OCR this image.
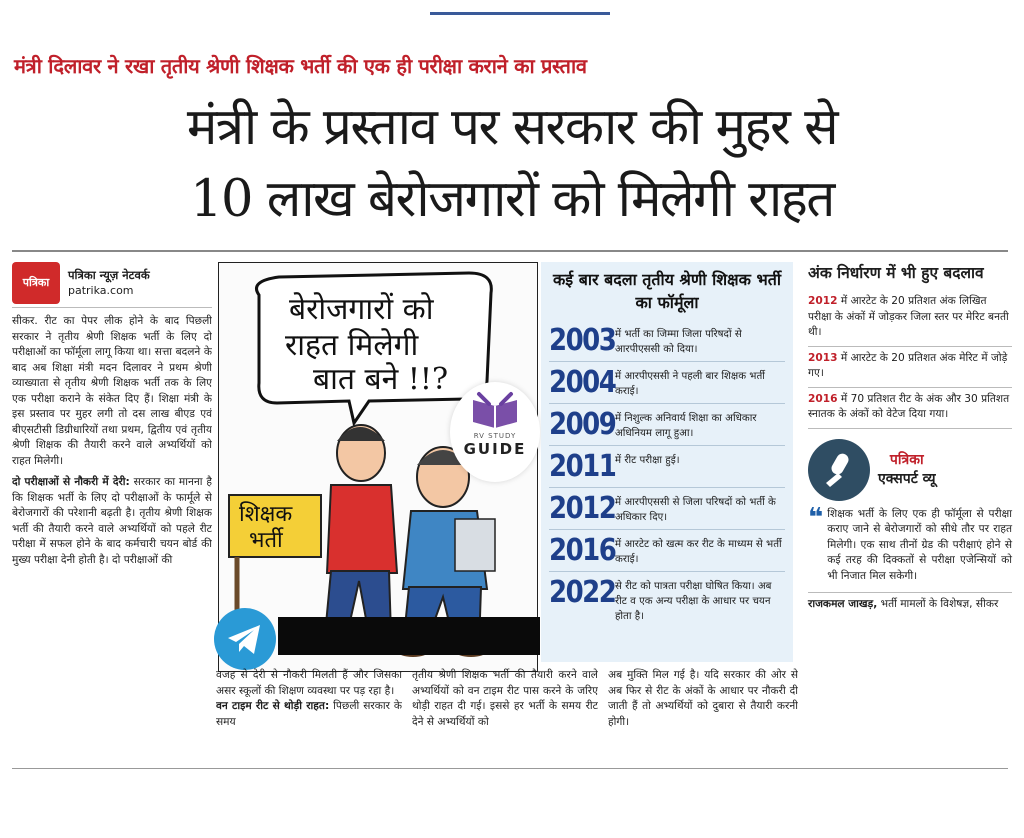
मंत्री दिलावर ने रखा तृतीय श्रेणी शिक्षक भर्ती की एक ही परीक्षा कराने का प्रस्ताव
मंत्री के प्रस्ताव पर सरकार की मुहर से
10 लाख बेरोजगारों को मिलेगी राहत
पत्रिका
पत्रिका न्यूज़ नेटवर्क
patrika.com

सीकर. रीट का पेपर लीक होने के बाद पिछली सरकार ने तृतीय श्रेणी शिक्षक भर्ती के लिए दो परीक्षाओं का फॉर्मूला लागू किया था। सत्ता बदलने के बाद अब शिक्षा मंत्री मदन दिलावर ने प्रथम श्रेणी व्याख्याता से तृतीय श्रेणी शिक्षक भर्ती तक के लिए एक परीक्षा कराने के संकेत दिए हैं। शिक्षा मंत्री के इस प्रस्ताव पर मुहर लगी तो दस लाख बीएड एवं बीएसटीसी डिग्रीधारियों तथा प्रथम, द्वितीय एवं तृतीय श्रेणी शिक्षक की तैयारी करने वाले अभ्यर्थियों को राहत मिलेगी।

दो परीक्षाओं से नौकरी में देरी: सरकार का मानना है कि शिक्षक भर्ती के लिए दो परीक्षाओं के फार्मूले से बेरोजगारों की परेशानी बढ़ती है। तृतीय श्रेणी शिक्षक भर्ती की तैयारी करने वाले अभ्यर्थियों को पहले रीट परीक्षा में सफल होने के बाद कर्मचारी चयन बोर्ड की मुख्य परीक्षा देनी होती है। दो परीक्षाओं की

बेरोजगारों को
राहत मिलेगी
बात बने !!?
शिक्षक
भर्ती
RV STUDY
GUIDE
कई बार बदला तृतीय श्रेणी शिक्षक भर्ती का फॉर्मूला
2003 में भर्ती का जिम्मा जिला परिषदों से आरपीएससी को दिया।
2004 में आरपीएससी ने पहली बार शिक्षक भर्ती कराई।
2009 में निशुल्क अनिवार्य शिक्षा का अधिकार अधिनियम लागू हुआ।
2011 में रीट परीक्षा हुई।
2012 में आरपीएससी से जिला परिषदों को भर्ती के अधिकार दिए।
2016 में आरटेट को खत्म कर रीट के माध्यम से भर्ती कराई।
2022 से रीट को पात्रता परीक्षा घोषित किया। अब रीट व एक अन्य परीक्षा के आधार पर चयन होता है।
वजह से देरी से नौकरी मिलती हैं और जिसका असर स्कूलों की शिक्षण व्यवस्था पर पड़ रहा है।
वन टाइम रीट से थोड़ी राहत: पिछली सरकार के समय
तृतीय श्रेणी शिक्षक भर्ती की तैयारी करने वाले अभ्यर्थियों को वन टाइम रीट पास करने के जरिए थोड़ी राहत दी गई। इससे हर भर्ती के समय रीट देने से अभ्यर्थियों को
अब मुक्ति मिल गई है। यदि सरकार की ओर से अब फिर से रीट के अंकों के आधार पर नौकरी दी जाती हैं तो अभ्यर्थियों को दुबारा से तैयारी करनी होगी।
अंक निर्धारण में भी हुए बदलाव
2012 में आरटेट के 20 प्रतिशत अंक लिखित परीक्षा के अंकों में जोड़कर जिला स्तर पर मेरिट बनती थी।
2013 में आरटेट के 20 प्रतिशत अंक मेरिट में जोड़े गए।
2016 में 70 प्रतिशत रीट के अंक और 30 प्रतिशत स्नातक के अंकों को वेटेज दिया गया।
पत्रिका
एक्सपर्ट व्यू
❝ शिक्षक भर्ती के लिए एक ही फॉर्मूला से परीक्षा कराए जाने से बेरोजगारों को सीधे तौर पर राहत मिलेगी। एक साथ तीनों ग्रेड की परीक्षाएं होने से कई तरह की दिक्कतों से परीक्षा एजेन्सियों को भी निजात मिल सकेगी।
राजकमल जाखड़, भर्ती मामलों के विशेषज्ञ, सीकर
